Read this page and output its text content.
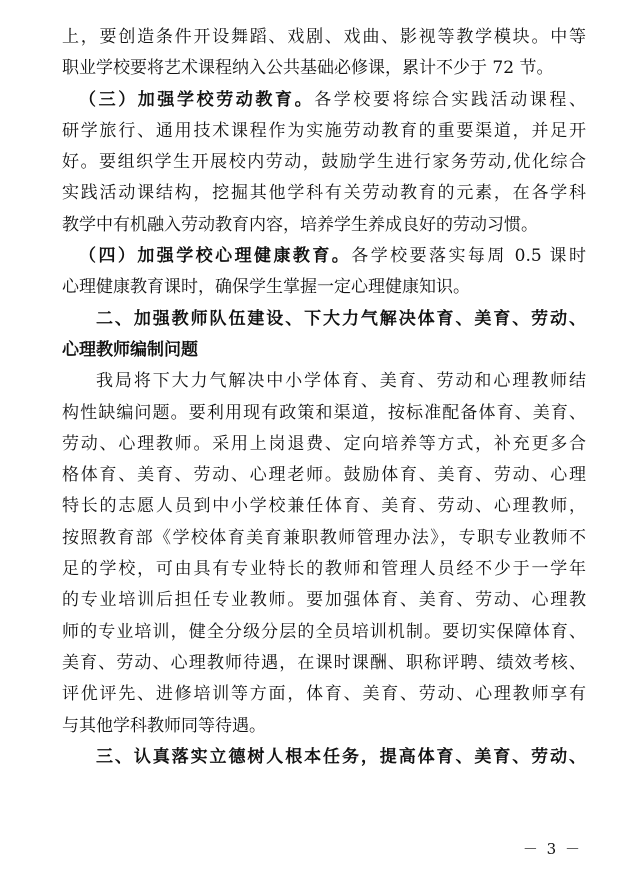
上，要创造条件开设舞蹈、戏剧、戏曲、影视等教学模块。中等
职业学校要将艺术课程纳入公共基础必修课，累计不少于 72 节。
（三）加强学校劳动教育。各学校要将综合实践活动课程、
研学旅行、通用技术课程作为实施劳动教育的重要渠道，并足开
好。要组织学生开展校内劳动，鼓励学生进行家务劳动,优化综合
实践活动课结构，挖掘其他学科有关劳动教育的元素，在各学科
教学中有机融入劳动教育内容，培养学生养成良好的劳动习惯。
（四）加强学校心理健康教育。各学校要落实每周 0.5 课时
心理健康教育课时，确保学生掌握一定心理健康知识。
二、加强教师队伍建设、下大力气解决体育、美育、劳动、
心理教师编制问题
我局将下大力气解决中小学体育、美育、劳动和心理教师结
构性缺编问题。要利用现有政策和渠道，按标准配备体育、美育、
劳动、心理教师。采用上岗退费、定向培养等方式，补充更多合
格体育、美育、劳动、心理老师。鼓励体育、美育、劳动、心理
特长的志愿人员到中小学校兼任体育、美育、劳动、心理教师，
按照教育部《学校体育美育兼职教师管理办法》，专职专业教师不
足的学校，可由具有专业特长的教师和管理人员经不少于一学年
的专业培训后担任专业教师。要加强体育、美育、劳动、心理教
师的专业培训，健全分级分层的全员培训机制。要切实保障体育、
美育、劳动、心理教师待遇，在课时课酬、职称评聘、绩效考核、
评优评先、进修培训等方面，体育、美育、劳动、心理教师享有
与其他学科教师同等待遇。
三、认真落实立德树人根本任务，提高体育、美育、劳动、
－ 3 －
